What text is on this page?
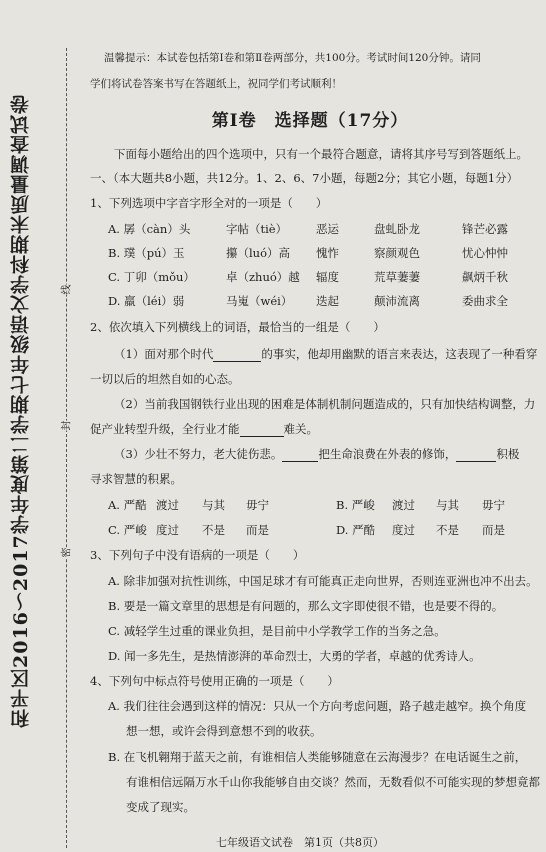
和平区2016～2017学年度第二学期七年级语文学科期末质量调查试卷	线
封
密
温馨提示：本试卷包括第Ⅰ卷和第Ⅱ卷两部分，共100分。考试时间120分钟。请同
学们将试卷答案书写在答题纸上，祝同学们考试顺利！
第Ⅰ卷　选择题（17分）
下面每小题给出的四个选项中，只有一个最符合题意，请将其序号写到答题纸上。
一、（本大题共8小题，共12分。1、2、6、7小题，每题2分；其它小题，每题1分）
1、下列选项中字音字形全对的一项是（　　）
A. 孱（càn）头	字帖（tiè）	恶运	盘虬卧龙	锋芒必露
B. 璞（pú）玉	攥（luó）高 愧怍	察颜观色	忧心忡忡
C. 丁卯（mǒu）	卓（zhuó）越 辐度	荒草萋萋	飙炳千秋
D. 羸（léi）弱	马嵬（wéi） 迭起	颠沛流离	委曲求全
2、依次填入下列横线上的词语，最恰当的一组是（　　）
（1）面对那个时代	的事实，他却用幽默的语言来表达，这表现了一种看穿
一切以后的坦然自如的心态。
（2）当前我国钢铁行业出现的困难是体制机制问题造成的，只有加快结构调整，力
促产业转型升级，全行业才能	难关。
（3）少壮不努力，老大徒伤悲。	把生命浪费在外表的修饰，	积极
寻求智慧的积累。
A. 严酷 渡过 与其 毋宁	B. 严峻 渡过 与其 毋宁
C. 严峻 度过 不是 而是	D. 严酷 度过 不是 而是
3、下列句子中没有语病的一项是（　　）
A. 除非加强对抗性训练，中国足球才有可能真正走向世界，否则连亚洲也冲不出去。
B. 要是一篇文章里的思想是有问题的，那么文字即使很不错，也是要不得的。
C. 减轻学生过重的课业负担，是目前中小学教学工作的当务之急。
D. 闻一多先生，是热情澎湃的革命烈士，大勇的学者，卓越的优秀诗人。
4、下列句中标点符号使用正确的一项是（　　）
A. 我们往往会遇到这样的情况：只从一个方向考虑问题，路子越走越窄。换个角度
想一想，或许会得到意想不到的收获。
B. 在飞机翱翔于蓝天之前，有谁相信人类能够随意在云海漫步？在电话诞生之前，
有谁相信远隔万水千山你我能够自由交谈？然而，无数看似不可能实现的梦想竟都
变成了现实。
七年级语文试卷　第1页（共8页）
